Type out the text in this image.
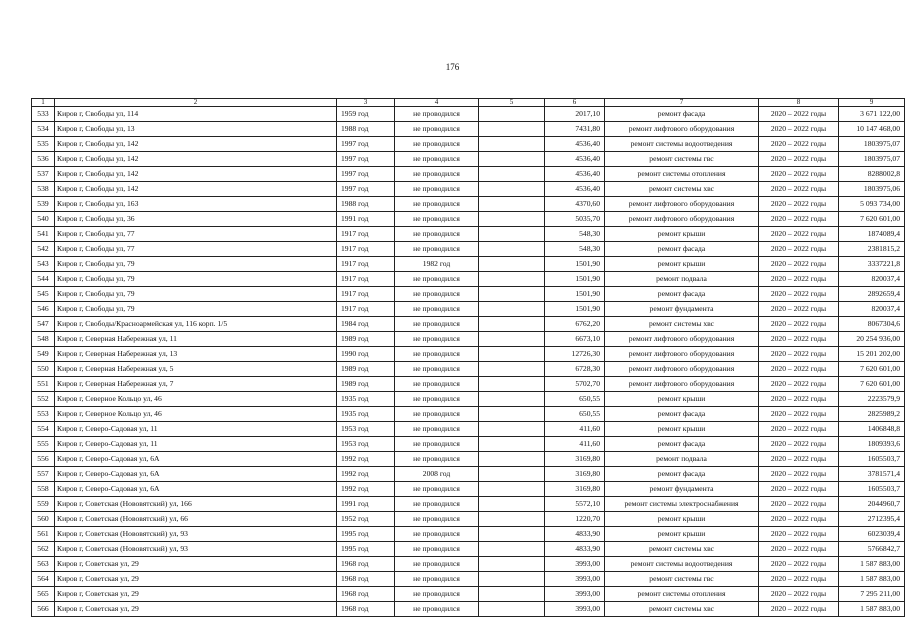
176
1	2	3	4	5	6	7	8	9
533	Киров г, Свободы ул, 114	1959 год	не проводился		2017,10	ремонт фасада	2020 – 2022 годы	3 671 122,00
534	Киров г, Свободы ул, 13	1988 год	не проводился		7431,80	ремонт лифтового оборудования	2020 – 2022 годы	10 147 468,00
535	Киров г, Свободы ул, 142	1997 год	не проводился		4536,40	ремонт системы водоотведения	2020 – 2022 годы	1803975,07
536	Киров г, Свободы ул, 142	1997 год	не проводился		4536,40	ремонт системы гвс	2020 – 2022 годы	1803975,07
537	Киров г, Свободы ул, 142	1997 год	не проводился		4536,40	ремонт системы отопления	2020 – 2022 годы	8288002,8
538	Киров г, Свободы ул, 142	1997 год	не проводился		4536,40	ремонт системы хвс	2020 – 2022 годы	1803975,06
539	Киров г, Свободы ул, 163	1988 год	не проводился		4370,60	ремонт лифтового оборудования	2020 – 2022 годы	5 093 734,00
540	Киров г, Свободы ул, 36	1991 год	не проводился		5035,70	ремонт лифтового оборудования	2020 – 2022 годы	7 620 601,00
541	Киров г, Свободы ул, 77	1917 год	не проводился		548,30	ремонт крыши	2020 – 2022 годы	1874089,4
542	Киров г, Свободы ул, 77	1917 год	не проводился		548,30	ремонт фасада	2020 – 2022 годы	2381815,2
543	Киров г, Свободы ул, 79	1917 год	1982 год		1501,90	ремонт крыши	2020 – 2022 годы	3337221,8
544	Киров г, Свободы ул, 79	1917 год	не проводился		1501,90	ремонт подвала	2020 – 2022 годы	820037,4
545	Киров г, Свободы ул, 79	1917 год	не проводился		1501,90	ремонт фасада	2020 – 2022 годы	2892659,4
546	Киров г, Свободы ул, 79	1917 год	не проводился		1501,90	ремонт фундамента	2020 – 2022 годы	820037,4
547	Киров г, Свободы/Красноармейская ул, 116 корп. 1/5	1984 год	не проводился		6762,20	ремонт системы хвс	2020 – 2022 годы	8067304,6
548	Киров г, Северная Набережная ул, 11	1989 год	не проводился		6673,10	ремонт лифтового оборудования	2020 – 2022 годы	20 254 936,00
549	Киров г, Северная Набережная ул, 13	1990 год	не проводился		12726,30	ремонт лифтового оборудования	2020 – 2022 годы	15 201 202,00
550	Киров г, Северная Набережная ул, 5	1989 год	не проводился		6728,30	ремонт лифтового оборудования	2020 – 2022 годы	7 620 601,00
551	Киров г, Северная Набережная ул, 7	1989 год	не проводился		5702,70	ремонт лифтового оборудования	2020 – 2022 годы	7 620 601,00
552	Киров г, Северное Кольцо ул, 46	1935 год	не проводился		650,55	ремонт крыши	2020 – 2022 годы	2223579,9
553	Киров г, Северное Кольцо ул, 46	1935 год	не проводился		650,55	ремонт фасада	2020 – 2022 годы	2825989,2
554	Киров г, Северо-Садовая ул, 11	1953 год	не проводился		411,60	ремонт крыши	2020 – 2022 годы	1406848,8
555	Киров г, Северо-Садовая ул, 11	1953 год	не проводился		411,60	ремонт фасада	2020 – 2022 годы	1809393,6
556	Киров г, Северо-Садовая ул, 6А	1992 год	не проводился		3169,80	ремонт подвала	2020 – 2022 годы	1605503,7
557	Киров г, Северо-Садовая ул, 6А	1992 год	2008 год		3169,80	ремонт фасада	2020 – 2022 годы	3781571,4
558	Киров г, Северо-Садовая ул, 6А	1992 год	не проводился		3169,80	ремонт фундамента	2020 – 2022 годы	1605503,7
559	Киров г, Советская (Нововятский) ул, 166	1991 год	не проводился		5572,10	ремонт системы электроснабжения	2020 – 2022 годы	2044960,7
560	Киров г, Советская (Нововятский) ул, 66	1952 год	не проводился		1220,70	ремонт крыши	2020 – 2022 годы	2712395,4
561	Киров г, Советская (Нововятский) ул, 93	1995 год	не проводился		4833,90	ремонт крыши	2020 – 2022 годы	6023039,4
562	Киров г, Советская (Нововятский) ул, 93	1995 год	не проводился		4833,90	ремонт системы хвс	2020 – 2022 годы	5766842,7
563	Киров г, Советская ул, 29	1968 год	не проводился		3993,00	ремонт системы водоотведения	2020 – 2022 годы	1 587 883,00
564	Киров г, Советская ул, 29	1968 год	не проводился		3993,00	ремонт системы гвс	2020 – 2022 годы	1 587 883,00
565	Киров г, Советская ул, 29	1968 год	не проводился		3993,00	ремонт системы отопления	2020 – 2022 годы	7 295 211,00
566	Киров г, Советская ул, 29	1968 год	не проводился		3993,00	ремонт системы хвс	2020 – 2022 годы	1 587 883,00
